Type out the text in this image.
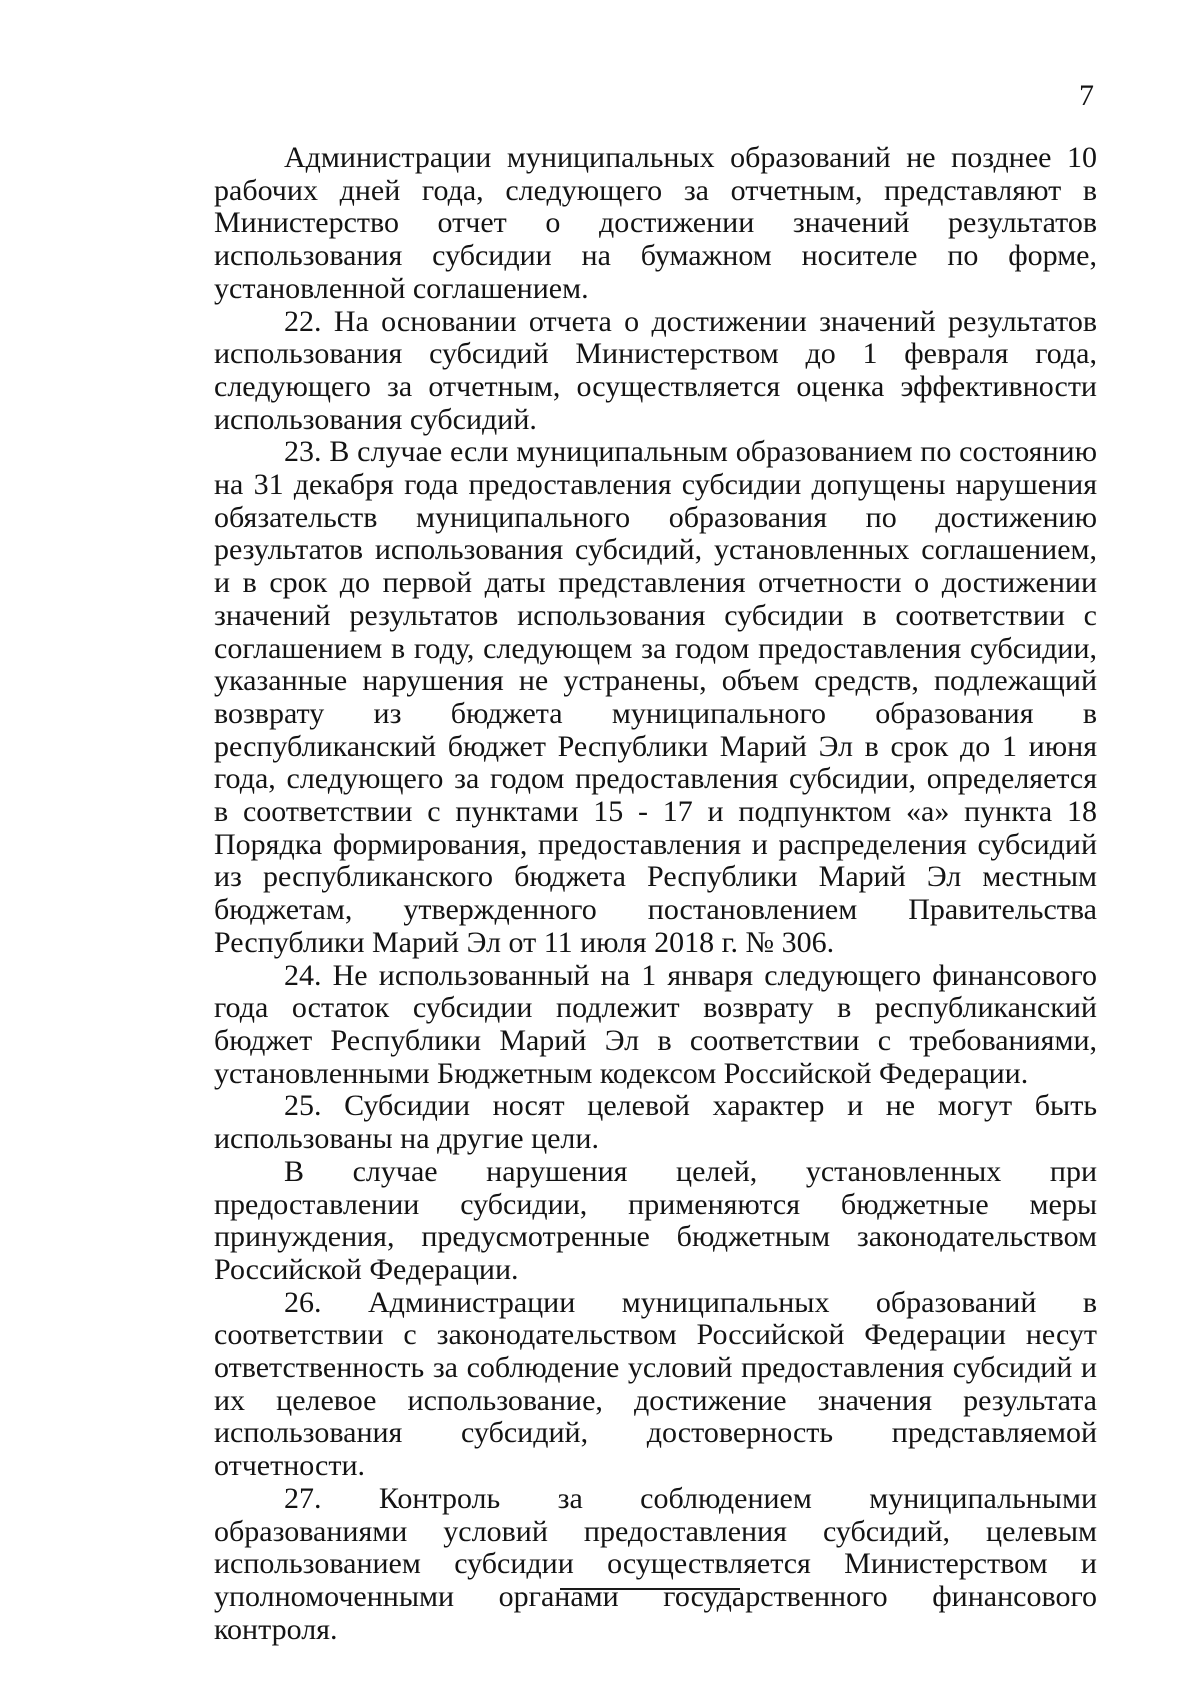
7

Администрации муниципальных образований не позднее 10 рабочих дней года, следующего за отчетным, представляют в Министерство отчет о достижении значений результатов использования субсидии на бумажном носителе по форме, установленной соглашением.

22. На основании отчета о достижении значений результатов использования субсидий Министерством до 1 февраля года, следующего за отчетным, осуществляется оценка эффективности использования субсидий.

23. В случае если муниципальным образованием по состоянию на 31 декабря года предоставления субсидии допущены нарушения обязательств муниципального образования по достижению результатов использования субсидий, установленных соглашением, и в срок до первой даты представления отчетности о достижении значений результатов использования субсидии в соответствии с соглашением в году, следующем за годом предоставления субсидии, указанные нарушения не устранены, объем средств, подлежащий возврату из бюджета муниципального образования в республиканский бюджет Республики Марий Эл в срок до 1 июня года, следующего за годом предоставления субсидии, определяется в соответствии с пунктами 15 - 17 и подпунктом «а» пункта 18 Порядка формирования, предоставления и распределения субсидий из республиканского бюджета Республики Марий Эл местным бюджетам, утвержденного постановлением Правительства Республики Марий Эл от 11 июля 2018 г. № 306.

24. Не использованный на 1 января следующего финансового года остаток субсидии подлежит возврату в республиканский бюджет Республики Марий Эл в соответствии с требованиями, установленными Бюджетным кодексом Российской Федерации.

25. Субсидии носят целевой характер и не могут быть использованы на другие цели.

В случае нарушения целей, установленных при предоставлении субсидии, применяются бюджетные меры принуждения, предусмотренные бюджетным законодательством Российской Федерации.

26. Администрации муниципальных образований в соответствии с законодательством Российской Федерации несут ответственность за соблюдение условий предоставления субсидий и их целевое использование, достижение значения результата использования субсидий, достоверность представляемой отчетности.

27. Контроль за соблюдением муниципальными образованиями условий предоставления субсидий, целевым использованием субсидии осуществляется Министерством и уполномоченными органами государственного финансового контроля.
